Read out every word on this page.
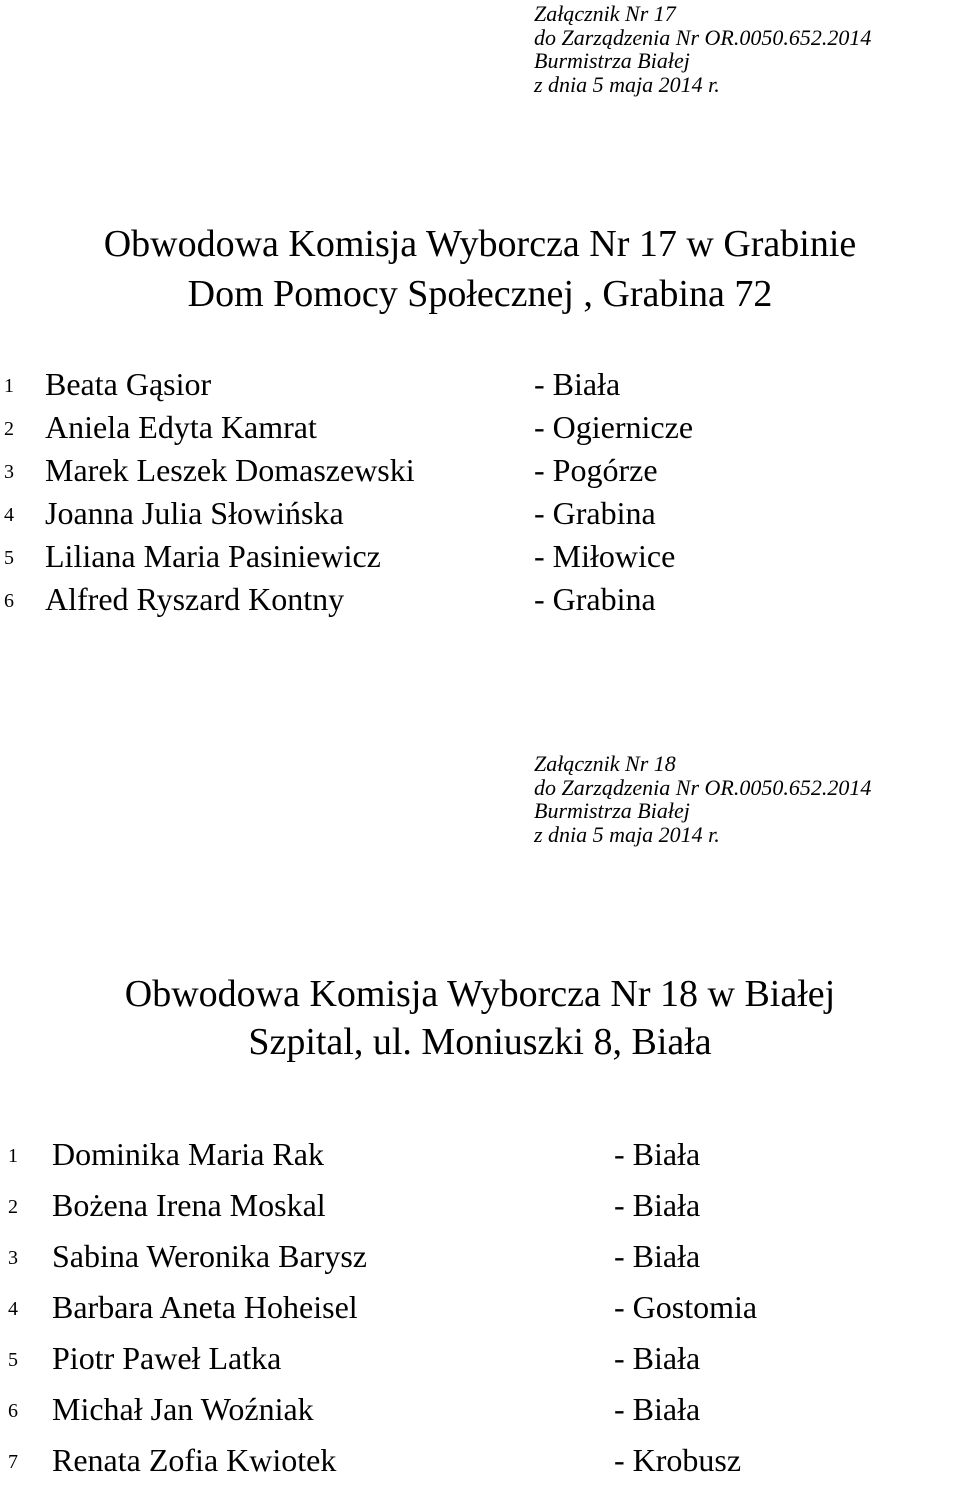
Załącznik Nr 17
do Zarządzenia Nr OR.0050.652.2014
Burmistrza Białej
z dnia 5 maja 2014 r.
Obwodowa Komisja Wyborcza Nr 17 w Grabinie
Dom Pomocy Społecznej , Grabina 72
1 Beata Gąsior	- Biała
2 Aniela Edyta Kamrat	- Ogiernicze
3 Marek Leszek Domaszewski	- Pogórze
4 Joanna Julia Słowińska	- Grabina
5 Liliana Maria Pasiniewicz	- Miłowice
6 Alfred Ryszard Kontny	- Grabina
Załącznik Nr 18
do Zarządzenia Nr OR.0050.652.2014
Burmistrza Białej
z dnia 5 maja 2014 r.
Obwodowa Komisja Wyborcza Nr 18 w Białej
Szpital, ul. Moniuszki 8, Biała
1 Dominika Maria Rak	- Biała
2 Bożena Irena Moskal	- Biała
3 Sabina Weronika Barysz	- Biała
4 Barbara Aneta Hoheisel	- Gostomia
5 Piotr Paweł Latka	- Biała
6 Michał Jan Woźniak	- Biała
7 Renata Zofia Kwiotek	- Krobusz
